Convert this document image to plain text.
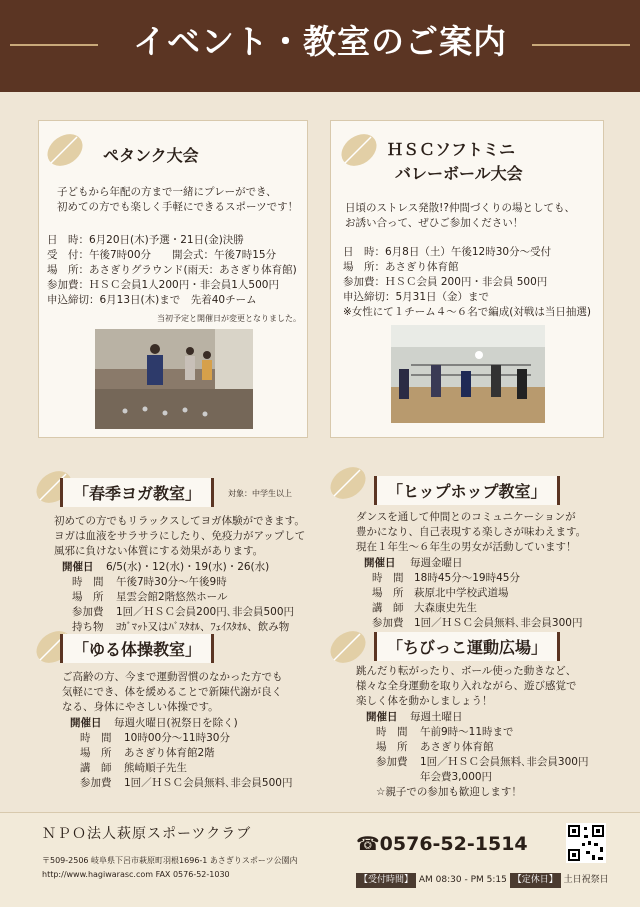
イベント・教室のご案内
ペタンク大会
子どもから年配の方まで一緒にプレーができ、
初めての方でも楽しく手軽にできるスポーツです！
日　時：6月20日(木)予選・21日(金)決勝
受　付：午後7時00分　　開会式：午後7時15分
場　所：あさぎりグラウンド(雨天：あさぎり体育館)
参加費：ＨＳＣ会員1人200円・非会員1人500円
申込締切：6月13日(木)まで　先着40チーム
当初予定と開催日が変更となりました。
ＨＳＣソフトミニ
バレーボール大会
日頃のストレス発散!?仲間づくりの場としても、
お誘い合って、ぜひご参加ください！
日　時：6月8日（土）午後12時30分～受付
場　所：あさぎり体育館
参加費：ＨＳＣ会員 200円・非会員 500円
申込締切：5月31日（金）まで
※女性にて１チーム４～６名で編成(対戦は当日抽選)
「春季ヨガ教室」	対象：中学生以上
初めての方でもリラックスしてヨガ体験ができます。
ヨガは血液をサラサラにしたり、免疫力がアップして
風邪に負けない体質にする効果があります。
開催日 6/5(水)・12(水)・19(水)・26(水)
時　間 午後7時30分～午後9時
場　所 星雲会館2階悠然ホール
参加費 1回／ＨＳＣ会員200円､非会員500円
持ち物 ﾖｶﾞﾏｯﾄ又はﾊﾞｽﾀｵﾙ、ﾌｪｲｽﾀｵﾙ、飲み物
「ヒップホップ教室」
ダンスを通して仲間とのコミュニケーションが
豊かになり、自己表現する楽しさが味わえます。
現在１年生～６年生の男女が活動しています！
開催日 毎週金曜日
時　間 18時45分～19時45分
場　所 萩原北中学校武道場
講　師 大森康史先生
参加費 1回／ＨＳＣ会員無料､非会員300円
「ゆる体操教室」
ご高齢の方、今まで運動習慣のなかった方でも
気軽にでき、体を緩めることで新陳代謝が良く
なる、身体にやさしい体操です。
開催日 毎週火曜日(祝祭日を除く)
時　間 10時00分～11時30分
場　所 あさぎり体育館2階
講　師 熊崎順子先生
参加費 1回／ＨＳＣ会員無料､非会員500円
「ちびっこ運動広場」
跳んだり転がったり、ボール使った動きなど、
様々な全身運動を取り入れながら、遊び感覚で
楽しく体を動かしましょう！
開催日 毎週土曜日
時　間 午前9時～11時まで
場　所 あさぎり体育館
参加費 1回／ＨＳＣ会員無料､非会員300円
年会費3,000円
☆親子での参加も歓迎します！
ＮＰＯ法人萩原スポーツクラブ
〒509-2506 岐阜県下呂市萩原町羽根1696-1 あさぎりスポーツ公園内
http://www.hagiwarasc.com FAX 0576-52-1030
☎0576-52-1514
【受付時間】 AM 08:30 - PM 5:15 【定休日】 土日祝祭日
